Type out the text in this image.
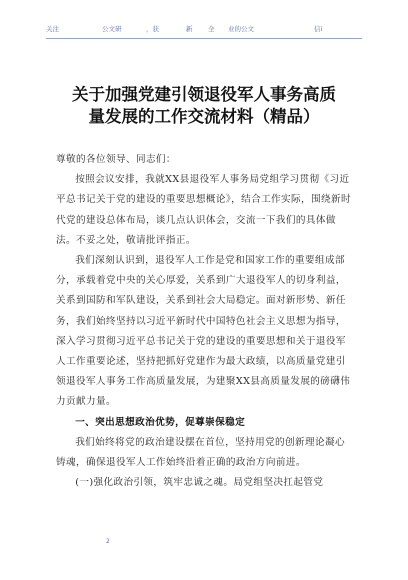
关注	公文研	，获	新 全 业的公文	信i
关于加强党建引领退役军人事务高质
量发展的工作交流材料（精品）

尊敬的各位领导、同志们：

按照会议安排，我就XX县退役军人事务局党组学习贯彻《习近平总书记关于党的建设的重要思想概论》，结合工作实际，围绕新时代党的建设总体布局，谈几点认识体会，交流一下我们的具体做法。不妥之处，敬请批评指正。

我们深刻认识到，退役军人工作是党和国家工作的重要组成部分，承载着党中央的关心厚爱，关系到广大退役军人的切身利益，关系到国防和军队建设，关系到社会大局稳定。面对新形势、新任务，我们始终坚持以习近平新时代中国特色社会主义思想为指导，深入学习贯彻习近平总书记关于党的建设的重要思想和关于退役军人工作重要论述，坚持把抓好党建作为最大政绩，以高质量党建引领退役军人事务工作高质量发展，为建聚XX县高质量发展的磅礴伟力贡献力量。

一、突出思想政治优势，促尊崇保稳定

我们始终将党的政治建设摆在首位，坚持用党的创新理论凝心铸魂，确保退役军人工作始终沿着正确的政治方向前进。

(一)强化政治引领，筑牢忠诚之魂。局党组坚决扛起管党

2
